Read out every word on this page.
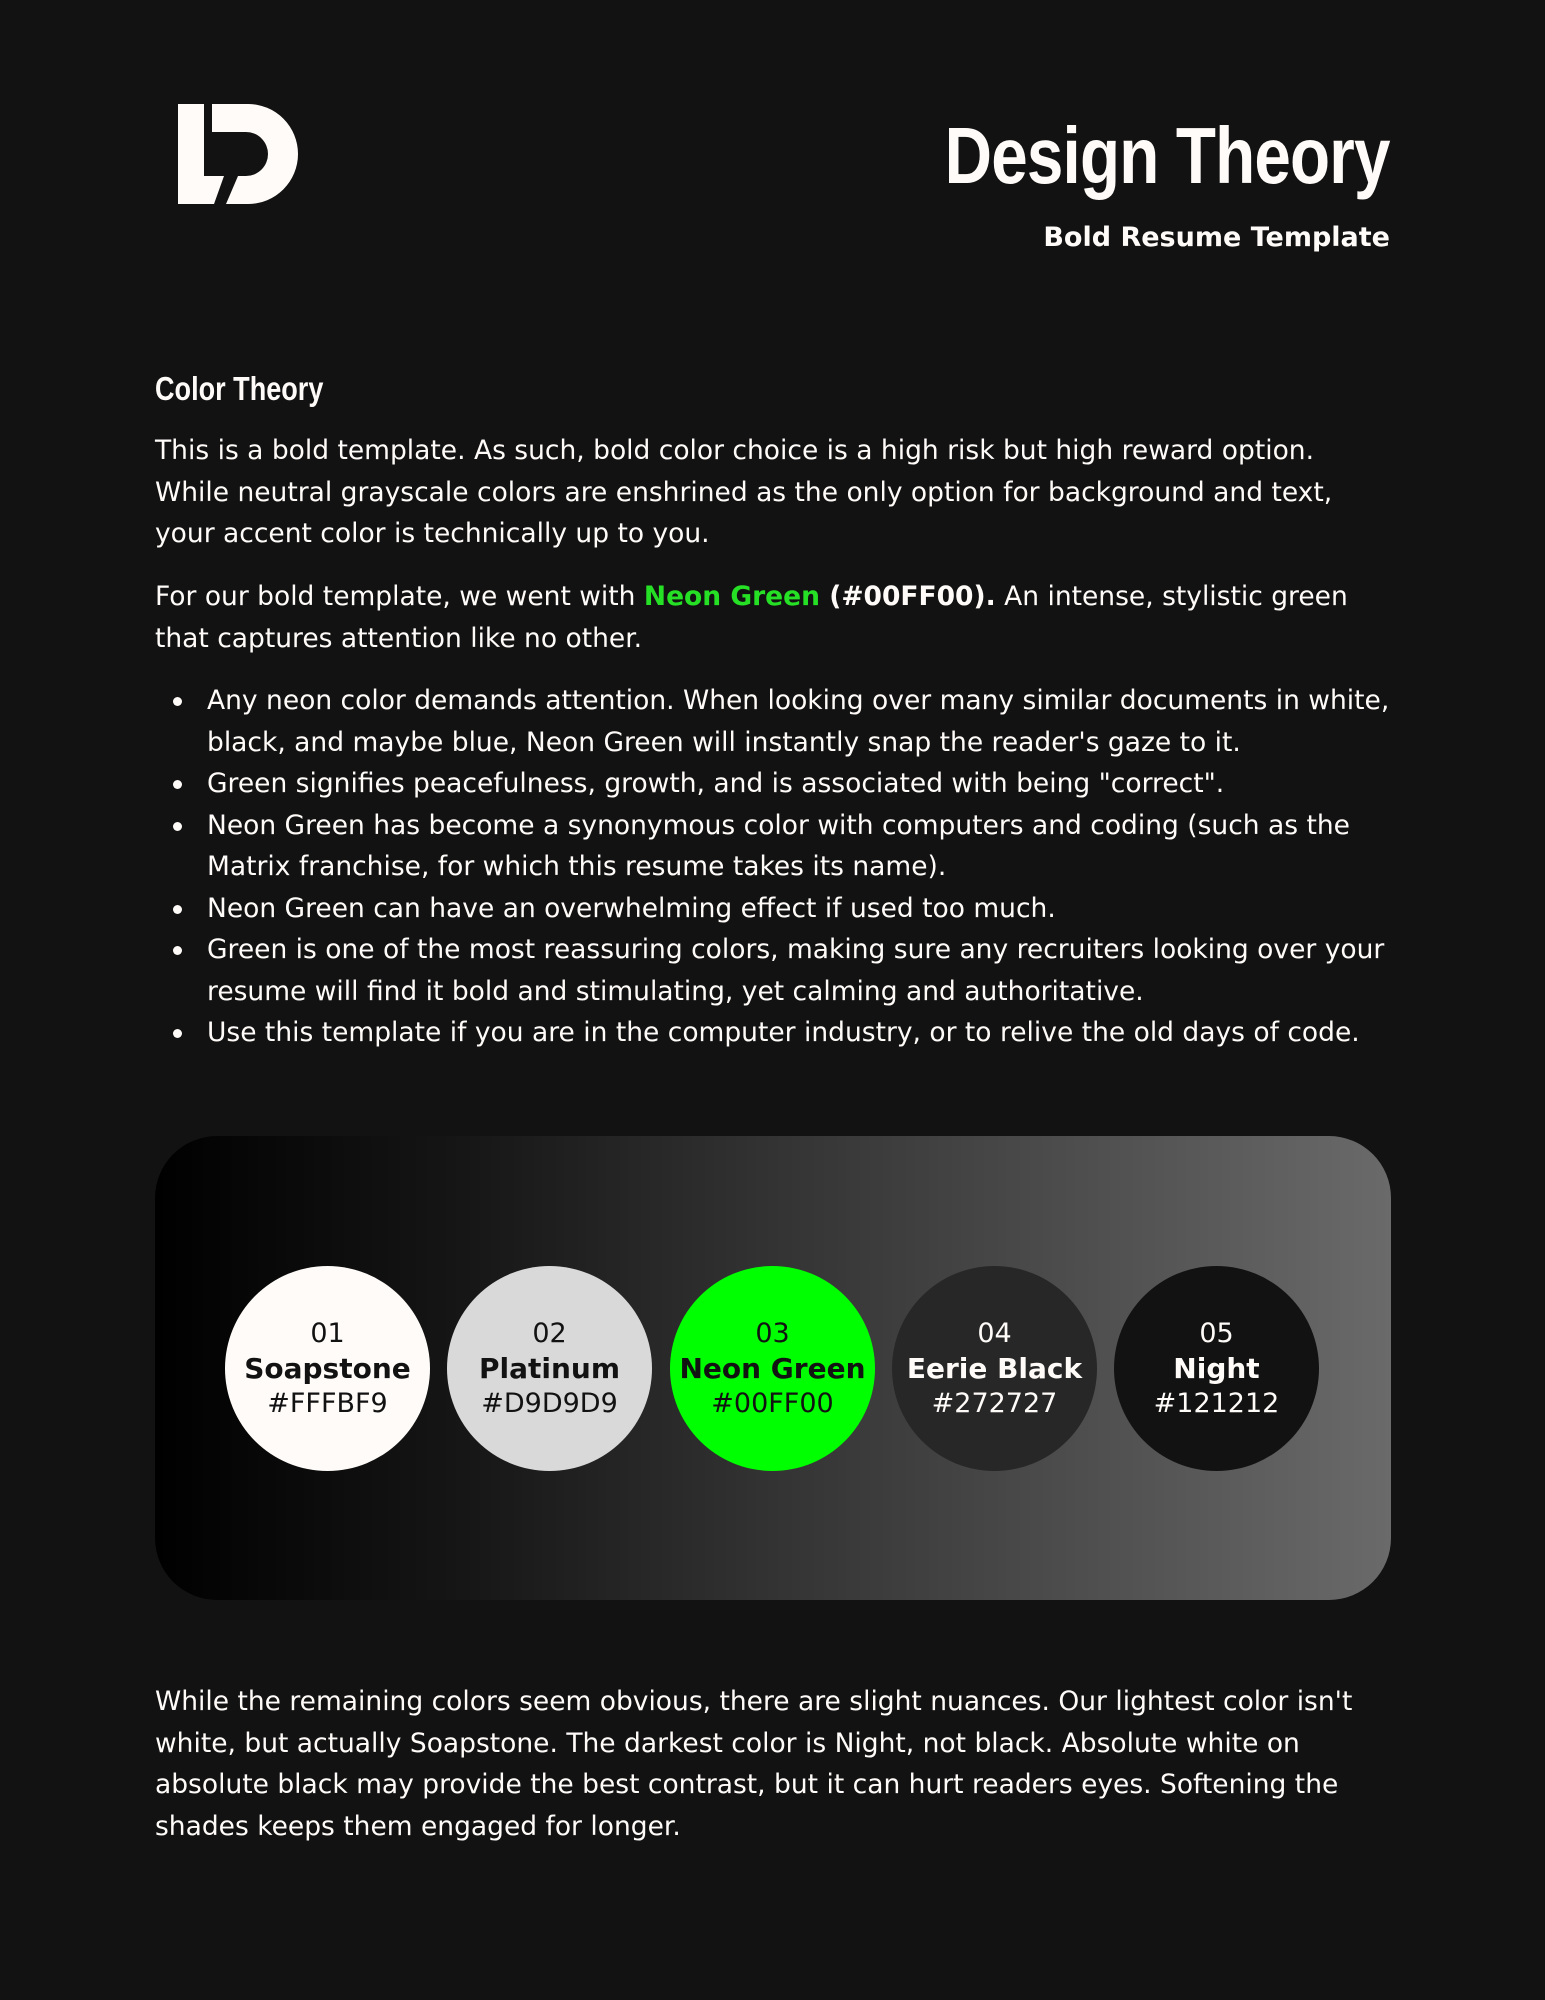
Design Theory
Bold Resume Template
Color Theory
This is a bold template. As such, bold color choice is a high risk but high reward option. While neutral grayscale colors are enshrined as the only option for background and text, your accent color is technically up to you.
For our bold template, we went with Neon Green (#00FF00). An intense, stylistic green that captures attention like no other.
Any neon color demands attention. When looking over many similar documents in white, black, and maybe blue, Neon Green will instantly snap the reader's gaze to it.
Green signifies peacefulness, growth, and is associated with being "correct".
Neon Green has become a synonymous color with computers and coding (such as the Matrix franchise, for which this resume takes its name).
Neon Green can have an overwhelming effect if used too much.
Green is one of the most reassuring colors, making sure any recruiters looking over your resume will find it bold and stimulating, yet calming and authoritative.
Use this template if you are in the computer industry, or to relive the old days of code.
01
Soapstone
#FFFBF9
02
Platinum
#D9D9D9
03
Neon Green
#00FF00
04
Eerie Black
#272727
05
Night
#121212
While the remaining colors seem obvious, there are slight nuances. Our lightest color isn't white, but actually Soapstone. The darkest color is Night, not black. Absolute white on absolute black may provide the best contrast, but it can hurt readers eyes. Softening the shades keeps them engaged for longer.
